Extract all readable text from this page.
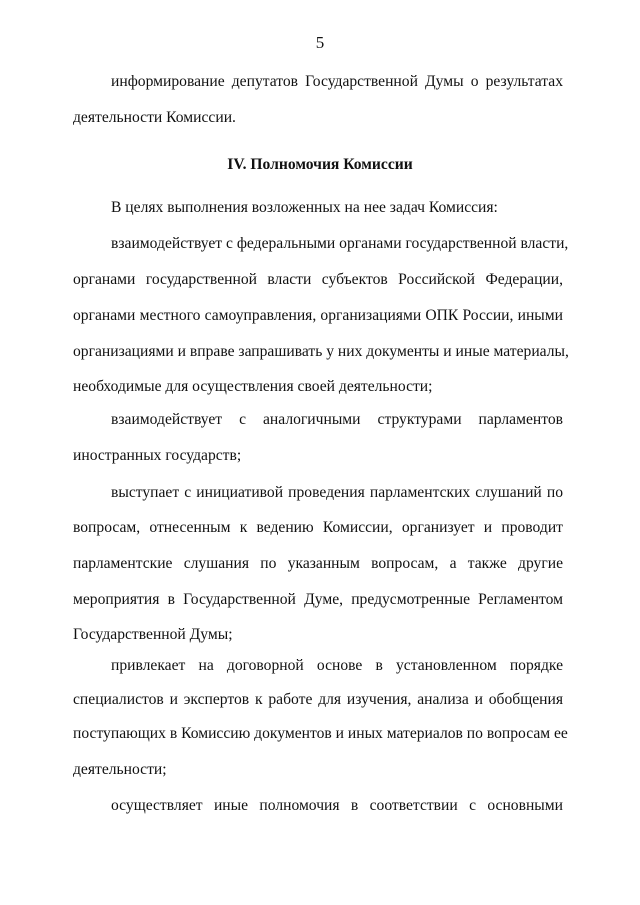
5
информирование депутатов Государственной Думы о результатах
деятельности Комиссии.
IV. Полномочия Комиссии
В целях выполнения возложенных на нее задач Комиссия:
взаимодействует с федеральными органами государственной власти,
органами государственной власти субъектов Российской Федерации,
органами местного самоуправления, организациями ОПК России, иными
организациями и вправе запрашивать у них документы и иные материалы,
необходимые для осуществления своей деятельности;
взаимодействует с аналогичными структурами парламентов
иностранных государств;
выступает с инициативой проведения парламентских слушаний по
вопросам, отнесенным к ведению Комиссии, организует и проводит
парламентские слушания по указанным вопросам, а также другие
мероприятия в Государственной Думе, предусмотренные Регламентом
Государственной Думы;
привлекает на договорной основе в установленном порядке
специалистов и экспертов к работе для изучения, анализа и обобщения
поступающих в Комиссию документов и иных материалов по вопросам ее
деятельности;
осуществляет иные полномочия в соответствии с основными
